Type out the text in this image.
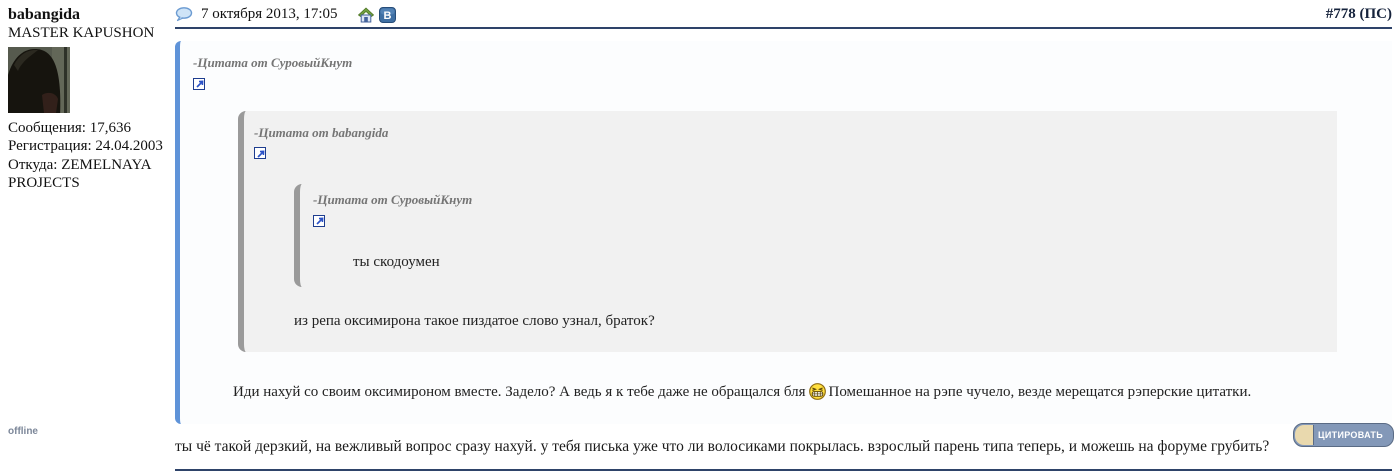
babangida
MASTER KAPUSHON
Сообщения: 17,636
Регистрация: 24.04.2003
Откуда: ZEMELNAYA PROJECTS
7 октября 2013, 17:05	B	#778 (ПС)
-Цитата от СуровыйКнут
-Цитата от babangida
-Цитата от СуровыйКнут
ты скодоумен
из репа оксимирона такое пиздатое слово узнал, браток?
Иди нахуй со своим оксимироном вместе. Задело? А ведь я к тебе даже не обращался бля Помешанное на рэпе чучело, везде мерещатся рэперские цитатки.
ты чё такой дерзкий, на вежливый вопрос сразу нахуй. у тебя писька уже что ли волосиками покрылась. взрослый парень типа теперь, и можешь на форуме грубить?
ЦИТИРОВАТЬ
offline
